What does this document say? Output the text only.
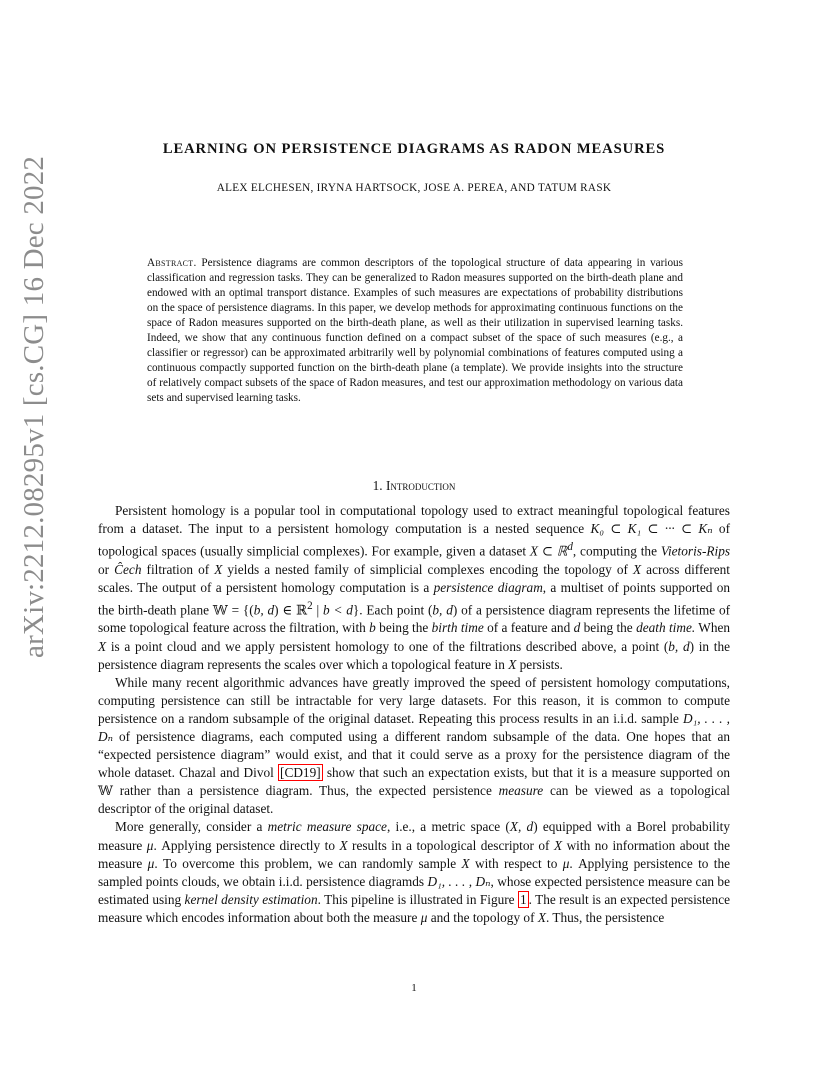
arXiv:2212.08295v1 [cs.CG] 16 Dec 2022
LEARNING ON PERSISTENCE DIAGRAMS AS RADON MEASURES
ALEX ELCHESEN, IRYNA HARTSOCK, JOSE A. PEREA, AND TATUM RASK
Abstract. Persistence diagrams are common descriptors of the topological structure of data appearing in various classification and regression tasks. They can be generalized to Radon measures supported on the birth-death plane and endowed with an optimal transport distance. Examples of such measures are expectations of probability distributions on the space of persistence diagrams. In this paper, we develop methods for approximating continuous functions on the space of Radon measures supported on the birth-death plane, as well as their utilization in supervised learning tasks. Indeed, we show that any continuous function defined on a compact subset of the space of such measures (e.g., a classifier or regressor) can be approximated arbitrarily well by polynomial combinations of features computed using a continuous compactly supported function on the birth-death plane (a template). We provide insights into the structure of relatively compact subsets of the space of Radon measures, and test our approximation methodology on various data sets and supervised learning tasks.
1. Introduction

Persistent homology is a popular tool in computational topology used to extract meaningful topological features from a dataset. The input to a persistent homology computation is a nested sequence K₀ ⊂ K₁ ⊂ ··· ⊂ Kₙ of topological spaces (usually simplicial complexes). For example, given a dataset X ⊂ ℝ$^d$, computing the Vietoris-Rips or Ĉech filtration of X yields a nested family of simplicial complexes encoding the topology of X across different scales. The output of a persistent homology computation is a persistence diagram, a multiset of points supported on the birth-death plane 𝕎 = {(b, d) ∈ ℝ$^2$ | b < d}. Each point (b, d) of a persistence diagram represents the lifetime of some topological feature across the filtration, with b being the birth time of a feature and d being the death time. When X is a point cloud and we apply persistent homology to one of the filtrations described above, a point (b, d) in the persistence diagram represents the scales over which a topological feature in X persists.

While many recent algorithmic advances have greatly improved the speed of persistent homology computations, computing persistence can still be intractable for very large datasets. For this reason, it is common to compute persistence on a random subsample of the original dataset. Repeating this process results in an i.i.d. sample D₁, . . . , Dₙ of persistence diagrams, each computed using a different random subsample of the data. One hopes that an “expected persistence diagram” would exist, and that it could serve as a proxy for the persistence diagram of the whole dataset. Chazal and Divol [CD19] show that such an expectation exists, but that it is a measure supported on 𝕎 rather than a persistence diagram. Thus, the expected persistence measure can be viewed as a topological descriptor of the original dataset.

More generally, consider a metric measure space, i.e., a metric space (X, d) equipped with a Borel probability measure μ. Applying persistence directly to X results in a topological descriptor of X with no information about the measure μ. To overcome this problem, we can randomly sample X with respect to μ. Applying persistence to the sampled points clouds, we obtain i.i.d. persistence diagramds D₁, . . . , Dₙ, whose expected persistence measure can be estimated using kernel density estimation. This pipeline is illustrated in Figure 1 . The result is an expected persistence measure which encodes information about both the measure μ and the topology of X. Thus, the persistence

1
